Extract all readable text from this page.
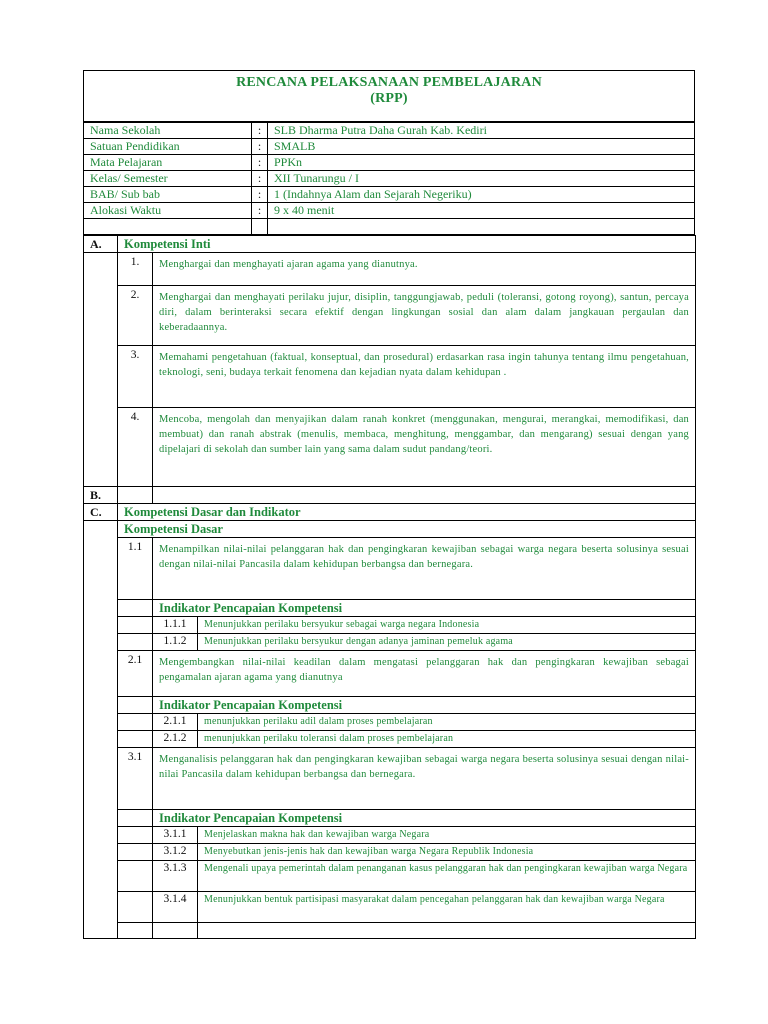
RENCANA PELAKSANAAN PEMBELAJARAN
(RPP)
Nama Sekolah	:	SLB Dharma Putra Daha Gurah Kab. Kediri
Satuan Pendidikan	:	SMALB
Mata Pelajaran	:	PPKn
Kelas/ Semester	:	XII Tunarungu / I
BAB/ Sub bab	:	1 (Indahnya Alam dan Sejarah Negeriku)
Alokasi Waktu	:	9 x 40 menit

A.	Kompetensi Inti		
	1.	Menghargai dan menghayati ajaran agama yang dianutnya.	
	2.	Menghargai dan menghayati perilaku jujur, disiplin, tanggungjawab, peduli (toleransi, gotong royong), santun, percaya diri, dalam berinteraksi secara efektif dengan lingkungan sosial dan alam dalam jangkauan pergaulan dan keberadaannya.	
	3.	Memahami pengetahuan (faktual, konseptual, dan prosedural) erdasarkan rasa ingin tahunya tentang ilmu pengetahuan, teknologi, seni, budaya terkait fenomena dan kejadian nyata dalam kehidupan .	
	4.	Mencoba, mengolah dan menyajikan dalam ranah konkret (menggunakan, mengurai, merangkai, memodifikasi, dan membuat) dan ranah abstrak (menulis, membaca, menghitung, menggambar, dan mengarang) sesuai dengan yang dipelajari di sekolah dan sumber lain yang sama dalam sudut pandang/teori.	
B.			
C.	Kompetensi Dasar dan Indikator		
	Kompetensi Dasar		
	1.1	Menampilkan nilai-nilai pelanggaran hak dan pengingkaran kewajiban sebagai warga negara beserta solusinya sesuai dengan nilai-nilai Pancasila dalam kehidupan berbangsa dan bernegara.	
		Indikator Pencapaian Kompetensi	
		1.1.1	Menunjukkan perilaku bersyukur sebagai warga negara Indonesia
		1.1.2	Menunjukkan perilaku bersyukur dengan adanya jaminan pemeluk agama
	2.1	Mengembangkan nilai-nilai keadilan dalam mengatasi pelanggaran hak dan pengingkaran kewajiban sebagai pengamalan ajaran agama yang dianutnya	
		Indikator Pencapaian Kompetensi	
		2.1.1	menunjukkan perilaku adil dalam proses pembelajaran
		2.1.2	menunjukkan perilaku toleransi dalam proses pembelajaran
	3.1	Menganalisis pelanggaran hak dan pengingkaran kewajiban sebagai warga negara beserta solusinya sesuai dengan nilai-nilai Pancasila dalam kehidupan berbangsa dan bernegara.	
		Indikator Pencapaian Kompetensi	
		3.1.1	Menjelaskan makna hak dan kewajiban warga Negara
		3.1.2	Menyebutkan jenis-jenis hak dan kewajiban warga Negara Republik Indonesia
		3.1.3	Mengenali upaya pemerintah dalam penanganan kasus pelanggaran hak dan pengingkaran kewajiban warga Negara
		3.1.4	Menunjukkan bentuk partisipasi masyarakat dalam pencegahan pelanggaran hak dan kewajiban warga Negara
